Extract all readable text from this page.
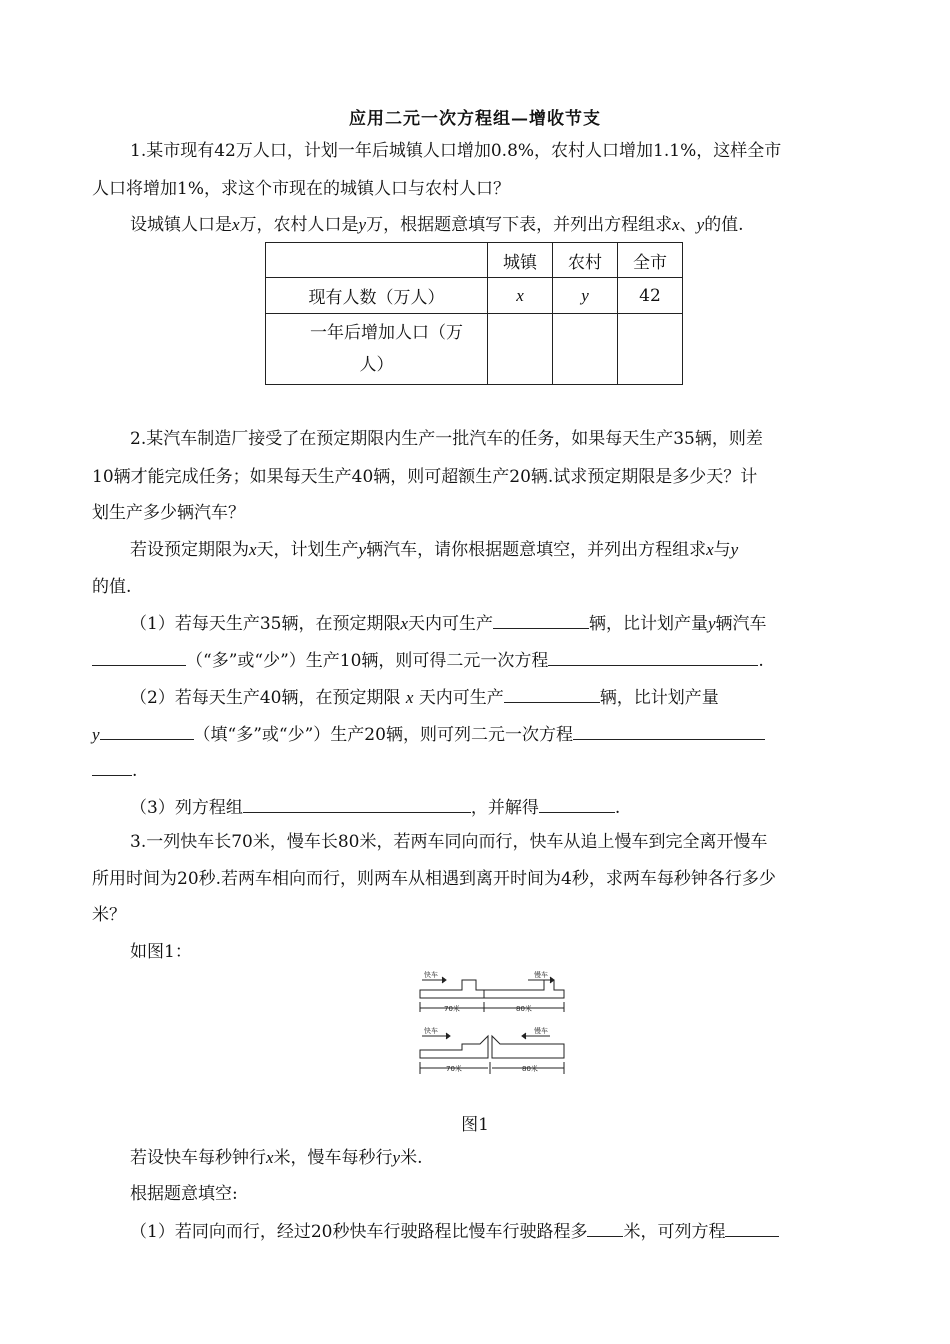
应用二元一次方程组—增收节支
1.某市现有42万人口，计划一年后城镇人口增加0.8%，农村人口增加1.1%，这样全市
人口将增加1%，求这个市现在的城镇人口与农村人口？
设城镇人口是x万，农村人口是y万，根据题意填写下表，并列出方程组求x、y的值.
	城镇	农村	全市
现有人数（万人）	x	y	42

一年后增加人口（万
人）			

2.某汽车制造厂接受了在预定期限内生产一批汽车的任务，如果每天生产35辆，则差
10辆才能完成任务；如果每天生产40辆，则可超额生产20辆.试求预定期限是多少天？计
划生产多少辆汽车？
若设预定期限为x天，计划生产y辆汽车，请你根据题意填空，并列出方程组求x与y
的值.
（1）若每天生产35辆，在预定期限x天内可生产	辆，比计划产量y辆汽车
（“多”或“少”）生产10辆，则可得二元一次方程	.
（2）若每天生产40辆，在预定期限 x 天内可生产	辆，比计划产量
y	（填“多”或“少”）生产20辆，则可列二元一次方程
.
（3）列方程组	，并解得	.
3.一列快车长70米，慢车长80米，若两车同向而行，快车从追上慢车到完全离开慢车
所用时间为20秒.若两车相向而行，则两车从相遇到离开时间为4秒，求两车每秒钟各行多少
米？
如图1：
快车	慢车
70米	80米
快车	慢车
70米	80米
图1
若设快车每秒钟行x米，慢车每秒行y米.
根据题意填空:
（1）若同向而行，经过20秒快车行驶路程比慢车行驶路程多 米，可列方程
